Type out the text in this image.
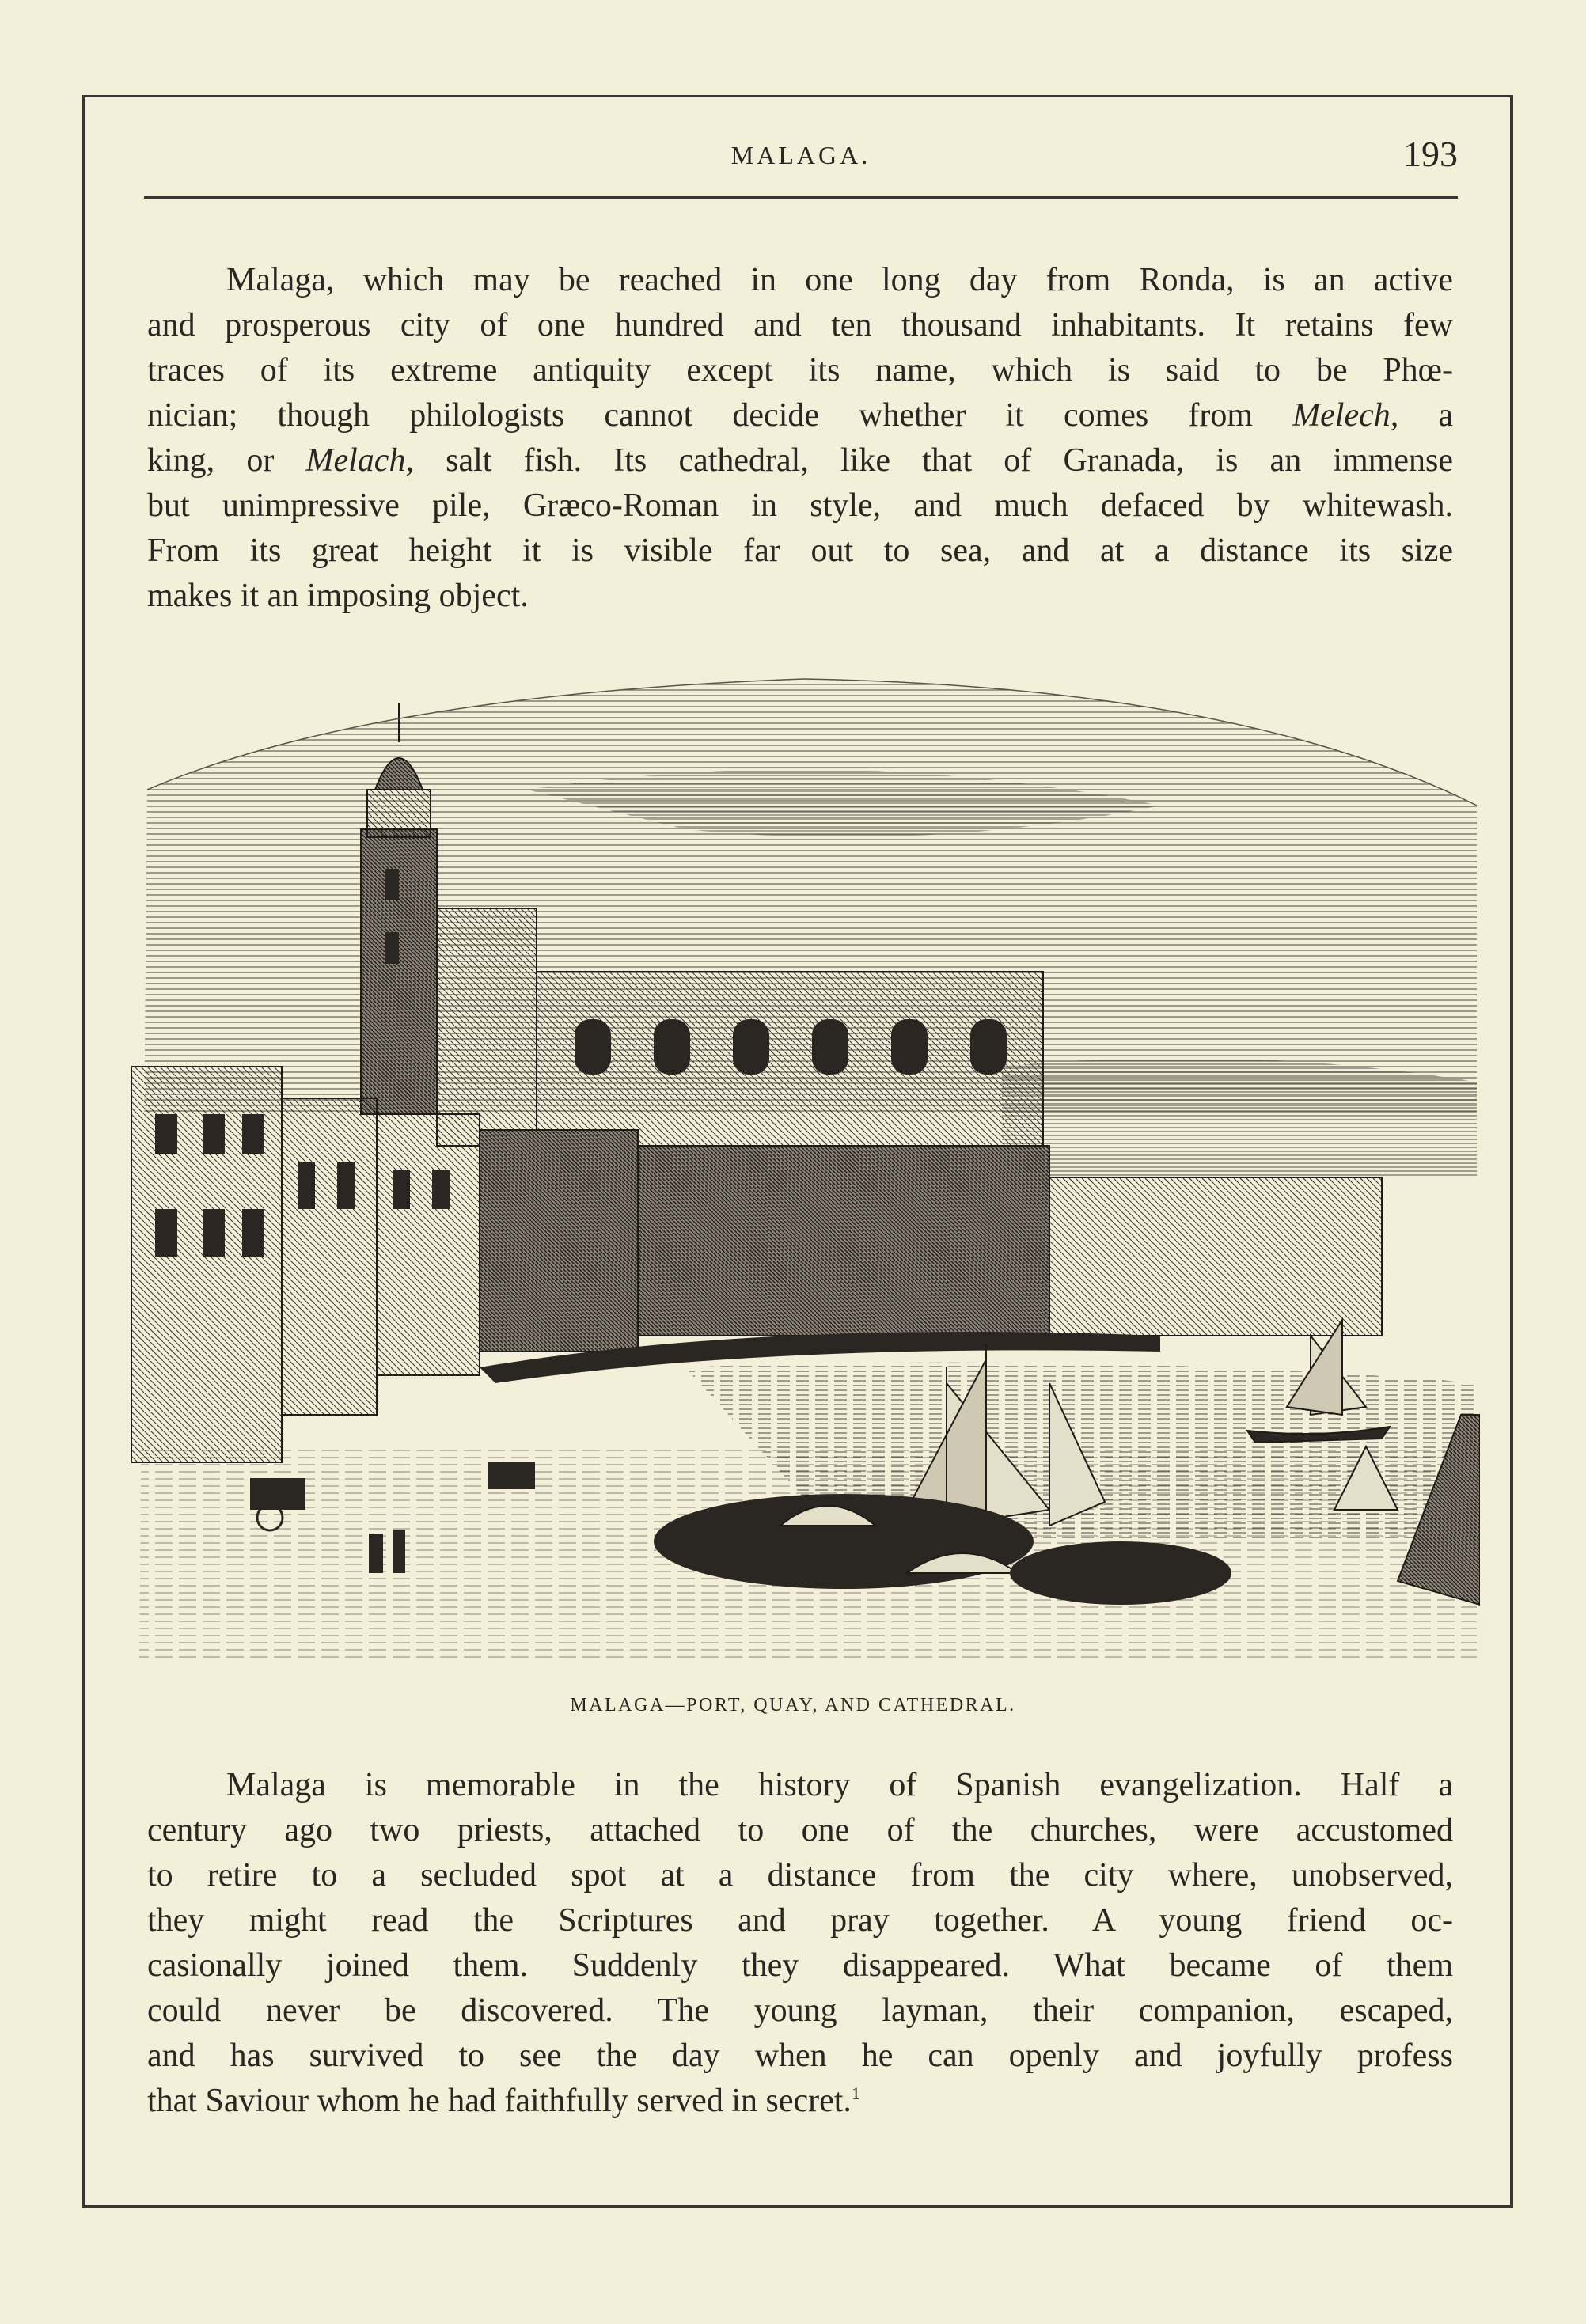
MALAGA.	193
Malaga, which may be reached in one long day from Ronda, is an active
and prosperous city of one hundred and ten thousand inhabitants. It retains few
traces of its extreme antiquity except its name, which is said to be Phœ-
nician; though philologists cannot decide whether it comes from Melech, a
king, or Melach, salt fish. Its cathedral, like that of Granada, is an immense
but unimpressive pile, Græco-Roman in style, and much defaced by whitewash.
From its great height it is visible far out to sea, and at a distance its size
makes it an imposing object.
MALAGA—PORT, QUAY, AND CATHEDRAL.
Malaga is memorable in the history of Spanish evangelization. Half a
century ago two priests, attached to one of the churches, were accustomed
to retire to a secluded spot at a distance from the city where, unobserved,
they might read the Scriptures and pray together. A young friend oc-
casionally joined them. Suddenly they disappeared. What became of them
could never be discovered. The young layman, their companion, escaped,
and has survived to see the day when he can openly and joyfully profess
that Saviour whom he had faithfully served in secret.$^1$
